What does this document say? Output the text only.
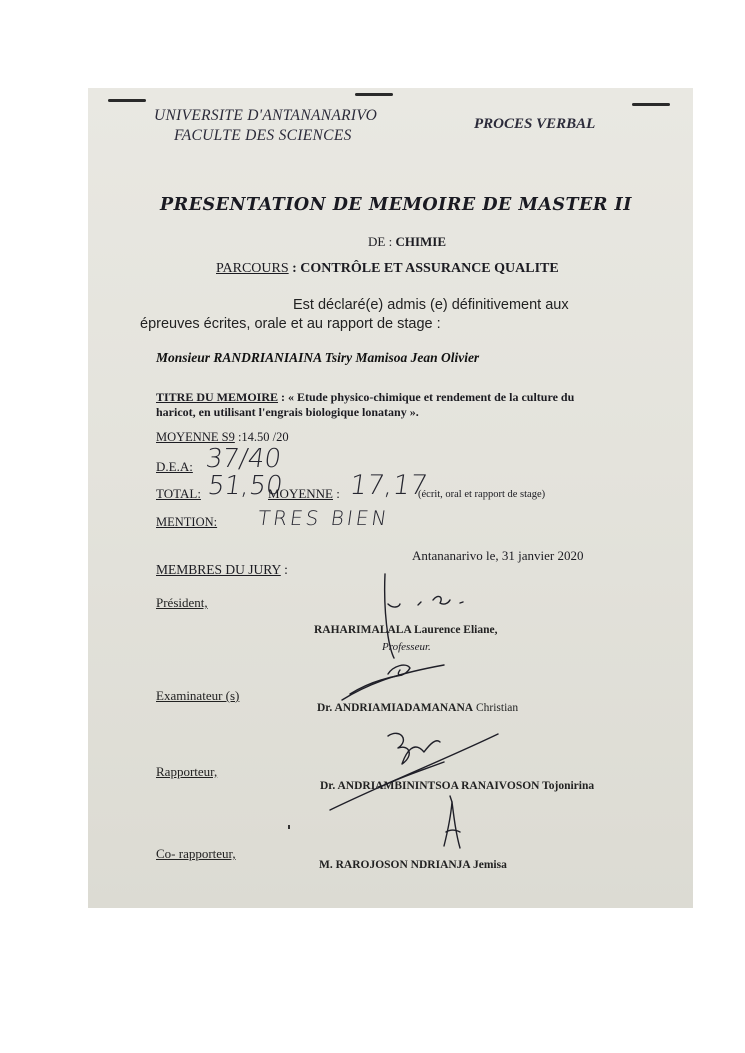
UNIVERSITE D'ANTANANARIVO
FACULTE DES SCIENCES
PROCES VERBAL
PRESENTATION DE MEMOIRE DE MASTER II
DE : CHIMIE
PARCOURS : CONTRÔLE ET ASSURANCE QUALITE
Est déclaré(e) admis (e) définitivement aux
épreuves écrites, orale et au rapport de stage :
Monsieur RANDRIANIAINA Tsiry Mamisoa Jean Olivier
TITRE DU MEMOIRE : « Etude physico-chimique et rendement de la culture du
haricot, en utilisant l'engrais biologique lonatany ».
MOYENNE S9 :14.50 /20
D.E.A: 37/40
TOTAL: 51,50
MOYENNE : 17,17
(écrit, oral et rapport de stage)
MENTION: TRES BIEN
Antananarivo le, 31 janvier 2020
MEMBRES DU JURY :
Président,
RAHARIMALALA Laurence Eliane,
Professeur.
Examinateur (s)
Dr. ANDRIAMIADAMANANA Christian
Rapporteur,
Dr. ANDRIAMBININTSOA RANAIVOSON Tojonirina
Co- rapporteur,
M. RAROJOSON NDRIANJA Jemisa
